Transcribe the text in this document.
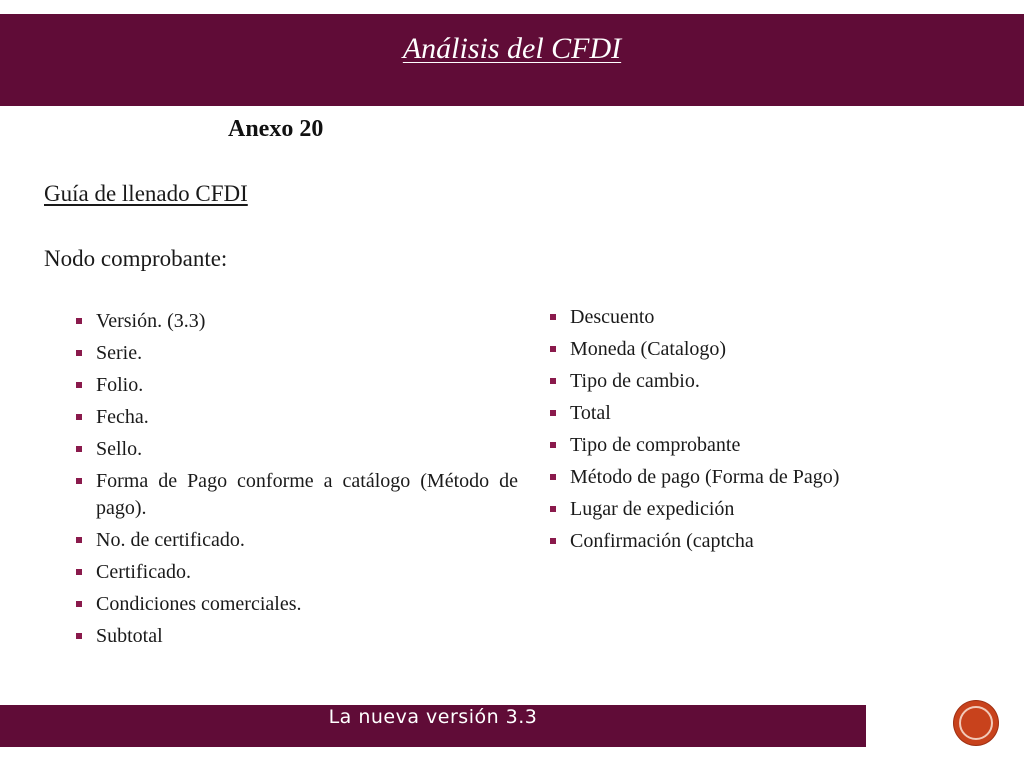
Análisis del CFDI
Anexo 20
Guía de llenado CFDI
Nodo comprobante:
Versión. (3.3)
Serie.
Folio.
Fecha.
Sello.
Forma de Pago conforme a catálogo (Método de pago).
No. de certificado.
Certificado.
Condiciones comerciales.
Subtotal
Descuento
Moneda (Catalogo)
Tipo de cambio.
Total
Tipo de comprobante
Método de pago (Forma de Pago)
Lugar de expedición
Confirmación (captcha
La nueva versión 3.3
